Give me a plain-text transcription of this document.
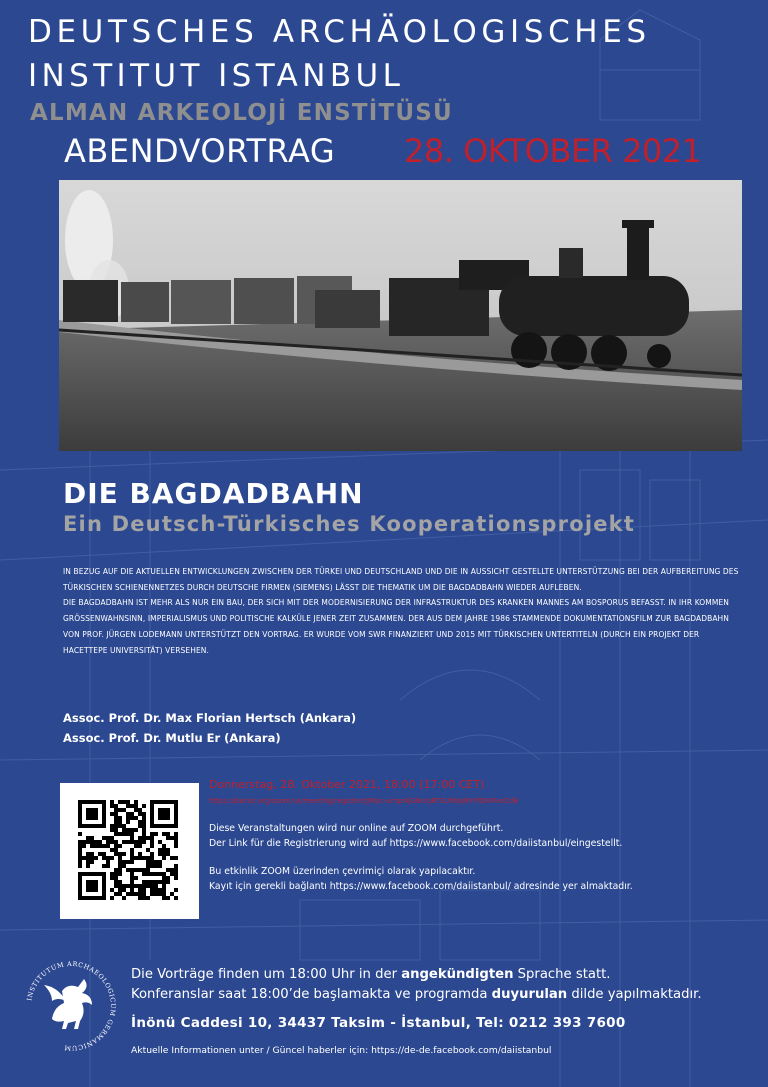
DEUTSCHES ARCHÄOLOGISCHES
INSTITUT ISTANBUL
ALMAN ARKEOLOJİ ENSTİTÜSÜ
ABENDVORTRAG 28. OKTOBER 2021
DIE BAGDADBAHN
Ein Deutsch-Türkisches Kooperationsprojekt

IN BEZUG AUF DIE AKTUELLEN ENTWICKLUNGEN ZWISCHEN DER TÜRKEI UND DEUTSCHLAND UND DIE IN AUSSICHT GESTELLTE UNTERSTÜTZUNG BEI DER AUFBEREITUNG DES TÜRKISCHEN SCHIENENNETZES DURCH DEUTSCHE FIRMEN (SIEMENS) LÄSST DIE THEMATIK UM DIE BAGDADBAHN WIEDER AUFLEBEN.

DIE BAGDADBAHN IST MEHR ALS NUR EIN BAU, DER SICH MIT DER MODERNISIERUNG DER INFRASTRUKTUR DES KRANKEN MANNES AM BOSPORUS BEFASST. IN IHR KOMMEN GRÖSSENWAHNSINN, IMPERIALISMUS UND POLITISCHE KALKÜLE JENER ZEIT ZUSAMMEN. DER AUS DEM JAHRE 1986 STAMMENDE DOKUMENTATIONSFILM ZUR BAGDADBAHN VON PROF. JÜRGEN LODEMANN UNTERSTÜTZT DEN VORTRAG. ER WURDE VOM SWR FINANZIERT UND 2015 MIT TÜRKISCHEN UNTERTITELN (DURCH EIN PROJEKT DER HACETTEPE UNIVERSITÄT) VERSEHEN.

Assoc. Prof. Dr. Max Florian Hertsch (Ankara)
Assoc. Prof. Dr. Mutlu Er (Ankara)
Donnerstag, 28. Oktober 2021, 18:00 (17:00 CET)
https://dainst.org/zoom/us/meeting/register/tJMpc-urrqz4jGNcIqRT3UhNpNYIYOKMvnCdB
Diese Veranstaltungen wird nur online auf ZOOM durchgeführt.
Der Link für die Registrierung wird auf https://www.facebook.com/daiistanbul/eingestellt.
Bu etkinlik ZOOM üzerinden çevrimiçi olarak yapılacaktır.
Kayıt için gerekli bağlantı https://www.facebook.com/daiistanbul/ adresinde yer almaktadır.
INSTITUTUM ARCHAEOLOGICUM GERMANICUM
Die Vorträge finden um 18:00 Uhr in der angekündigten Sprache statt.
Konferanslar saat 18:00’de başlamakta ve programda duyurulan dilde yapılmaktadır.
İnönü Caddesi 10, 34437 Taksim - İstanbul, Tel: 0212 393 7600
Aktuelle Informationen unter / Güncel haberler için: https://de-de.facebook.com/daiistanbul
